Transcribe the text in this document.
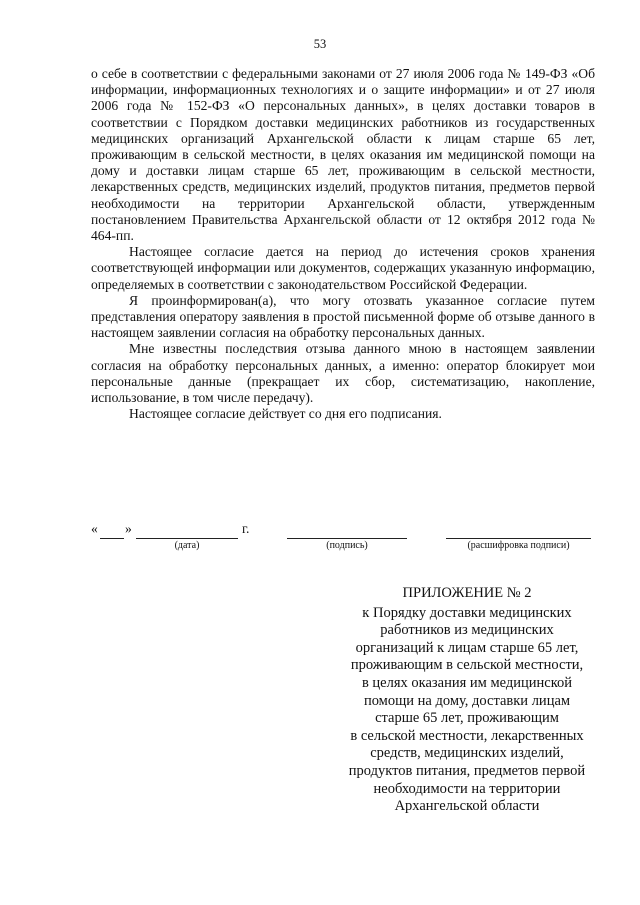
53

о себе в соответствии с федеральными законами от 27 июля 2006 года № 149-ФЗ «Об информации, информационных технологиях и о защите информации» и от 27 июля 2006 года № 152-ФЗ «О персональных данных», в целях доставки товаров в соответствии с Порядком доставки медицинских работников из государственных медицинских организаций Архангельской области к лицам старше 65 лет, проживающим в сельской местности, в целях оказания им медицинской помощи на дому и доставки лицам старше 65 лет, проживающим в сельской местности, лекарственных средств, медицинских изделий, продуктов питания, предметов первой необходимости на территории Архангельской области, утвержденным постановлением Правительства Архангельской области от 12 октября 2012 года № 464-пп.

Настоящее согласие дается на период до истечения сроков хранения соответствующей информации или документов, содержащих указанную информацию, определяемых в соответствии с законодательством Российской Федерации.

Я проинформирован(а), что могу отозвать указанное согласие путем представления оператору заявления в простой письменной форме об отзыве данного в настоящем заявлении согласия на обработку персональных данных.

Мне известны последствия отзыва данного мною в настоящем заявлении согласия на обработку персональных данных, а именно: оператор блокирует мои персональные данные (прекращает их сбор, систематизацию, накопление, использование, в том числе передачу).

Настоящее согласие действует со дня его подписания.

« »	г.
(дата)	(подпись)	(расшифровка подписи)
ПРИЛОЖЕНИЕ № 2
к Порядку доставки медицинских
работников из медицинских
организаций к лицам старше 65 лет,
проживающим в сельской местности,
в целях оказания им медицинской
помощи на дому, доставки лицам
старше 65 лет, проживающим
в сельской местности, лекарственных
средств, медицинских изделий,
продуктов питания, предметов первой
необходимости на территории
Архангельской области
